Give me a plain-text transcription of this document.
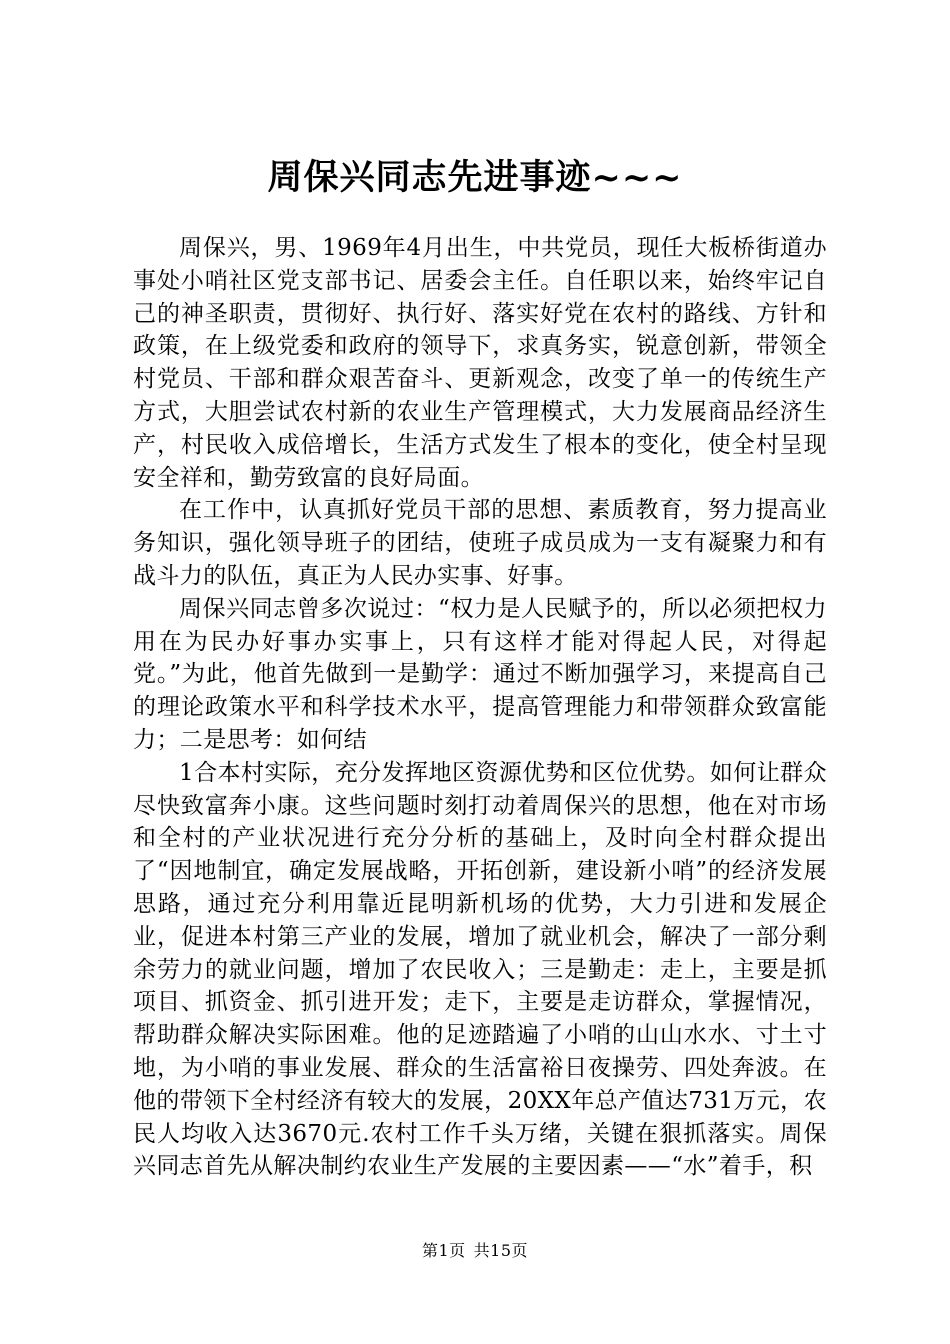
周保兴同志先进事迹~~~

周保兴，男、1969年4月出生，中共党员，现任大板桥街道办事处小哨社区党支部书记、居委会主任。自任职以来，始终牢记自己的神圣职责，贯彻好、执行好、落实好党在农村的路线、方针和政策，在上级党委和政府的领导下，求真务实，锐意创新，带领全村党员、干部和群众艰苦奋斗、更新观念，改变了单一的传统生产方式，大胆尝试农村新的农业生产管理模式，大力发展商品经济生产，村民收入成倍增长，生活方式发生了根本的变化，使全村呈现安全祥和，勤劳致富的良好局面。

在工作中，认真抓好党员干部的思想、素质教育，努力提高业务知识，强化领导班子的团结，使班子成员成为一支有凝聚力和有战斗力的队伍，真正为人民办实事、好事。

周保兴同志曾多次说过：“权力是人民赋予的，所以必须把权力用在为民办好事办实事上，只有这样才能对得起人民，对得起党。”为此，他首先做到一是勤学：通过不断加强学习，来提高自己的理论政策水平和科学技术水平，提高管理能力和带领群众致富能力；二是思考：如何结

1合本村实际，充分发挥地区资源优势和区位优势。如何让群众尽快致富奔小康。这些问题时刻打动着周保兴的思想，他在对市场和全村的产业状况进行充分分析的基础上，及时向全村群众提出了“因地制宜，确定发展战略，开拓创新，建设新小哨”的经济发展思路，通过充分利用靠近昆明新机场的优势，大力引进和发展企业，促进本村第三产业的发展，增加了就业机会，解决了一部分剩余劳力的就业问题，增加了农民收入；三是勤走：走上，主要是抓项目、抓资金、抓引进开发；走下，主要是走访群众，掌握情况，帮助群众解决实际困难。他的足迹踏遍了小哨的山山水水、寸土寸地，为小哨的事业发展、群众的生活富裕日夜操劳、四处奔波。在他的带领下全村经济有较大的发展，20XX年总产值达731万元，农民人均收入达3670元.农村工作千头万绪，关键在狠抓落实。周保兴同志首先从解决制约农业生产发展的主要因素——“水”着手，积

第1页 共15页
